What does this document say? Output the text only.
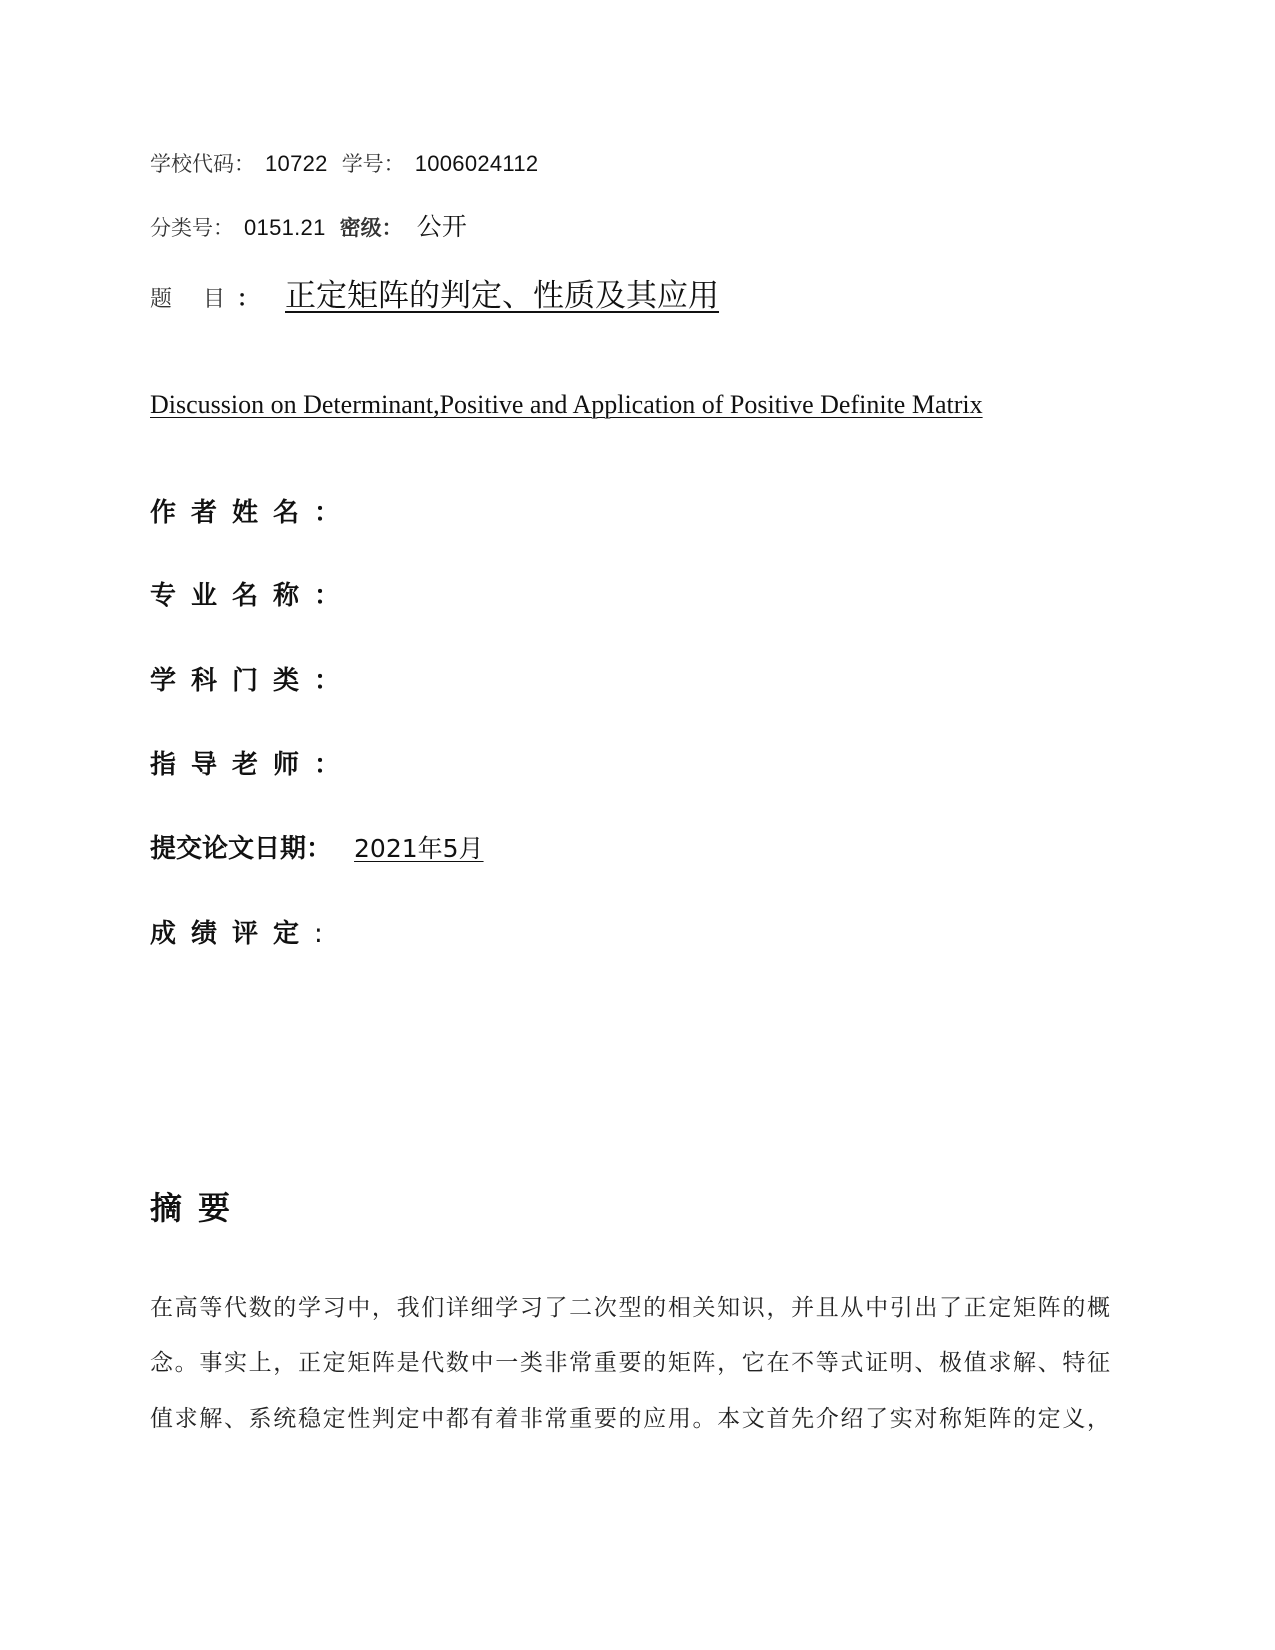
学校代码： 10722 学号： 1006024112
分类号： 0151.21 密级： 公开
题 目 ： 正定矩阵的判定、性质及其应用
Discussion on Determinant,Positive and Application of Positive Definite Matrix
作者姓名 ：
专业名称 ：
学科门类 ：
指导老师 ：
提交论文日期 ： 2021年5月
成绩评定 :
摘要
在高等代数的学习中，我们详细学习了二次型的相关知识，并且从中引出了正定矩阵的概
念。事实上，正定矩阵是代数中一类非常重要的矩阵，它在不等式证明、极值求解、特征
值求解、系统稳定性判定中都有着非常重要的应用。本文首先介绍了实对称矩阵的定义，
